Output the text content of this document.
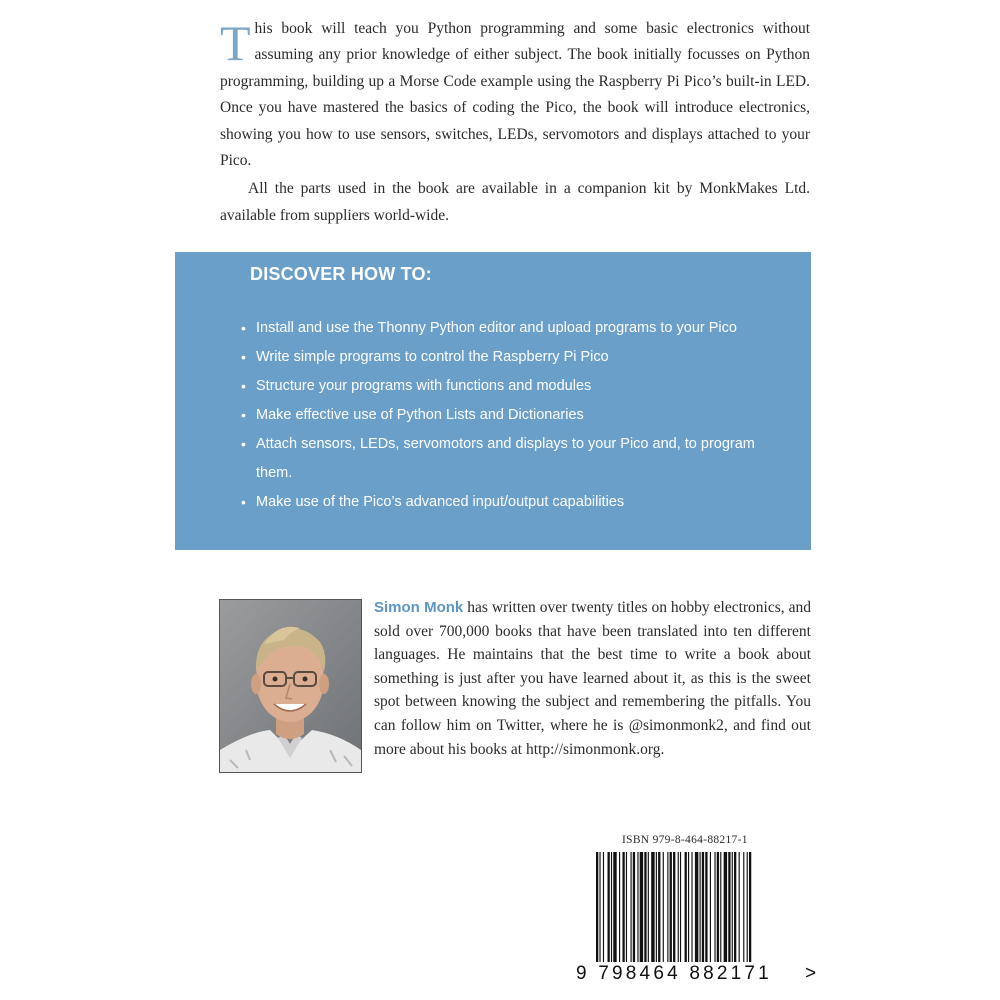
This book will teach you Python programming and some basic electronics without assuming any prior knowledge of either subject. The book initially focusses on Python programming, building up a Morse Code example using the Raspberry Pi Pico’s built-in LED. Once you have mastered the basics of coding the Pico, the book will introduce electronics, showing you how to use sensors, switches, LEDs, servomotors and displays attached to your Pico.

All the parts used in the book are available in a companion kit by MonkMakes Ltd. available from suppliers world-wide.

DISCOVER HOW TO:
• Install and use the Thonny Python editor and upload programs to your Pico
• Write simple programs to control the Raspberry Pi Pico
• Structure your programs with functions and modules
• Make effective use of Python Lists and Dictionaries
• Attach sensors, LEDs, servomotors and displays to your Pico and, to program them.
• Make use of the Pico’s advanced input/output capabilities

Simon Monk has written over twenty titles on hobby electronics, and sold over 700,000 books that have been translated into ten different languages. He maintains that the best time to write a book about something is just after you have learned about it, as this is the sweet spot between knowing the subject and remembering the pitfalls. You can follow him on Twitter, where he is @simonmonk2, and find out more about his books at http://simonmonk.org.

ISBN 979-8-464-88217-1
9 798464 882171 >
